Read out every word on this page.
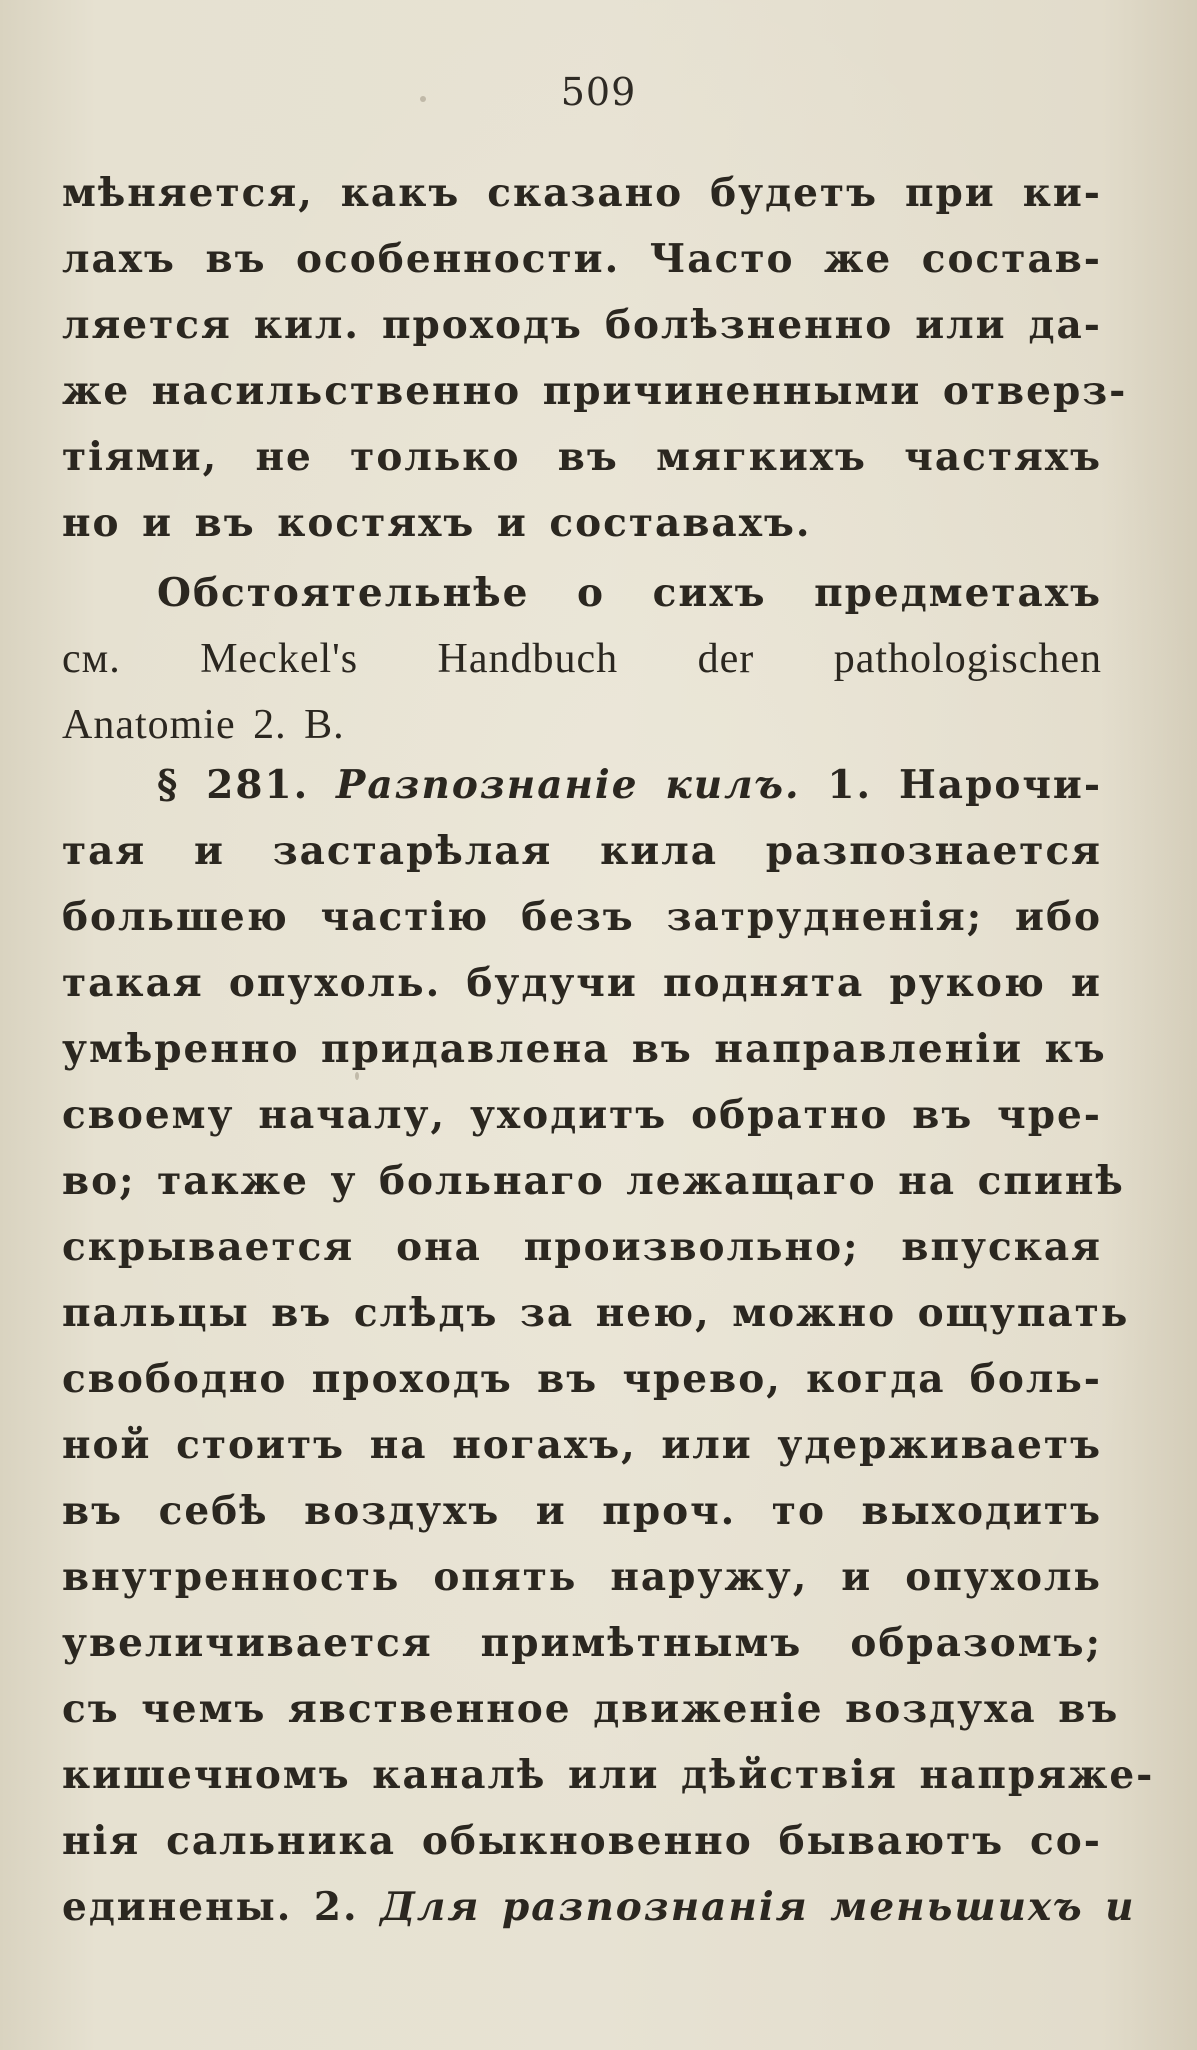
509
мѣняется, какъ сказано будетъ при ки-
лахъ въ особенности. Часто же состав-
ляется кил. проходъ болѣзненно или да-
же насильственно причиненными отверз-
тіями, не только въ мягкихъ частяхъ
но и въ костяхъ и составахъ.
Обстоятельнѣе о сихъ предметахъ
см. Meckel's Handbuch der pathologischen
Anatomie 2. B.
§ 281. Разпознаніе килъ. 1. Нарочи-
тая и застарѣлая кила разпознается
большею частію безъ затрудненія; ибо
такая опухоль. будучи поднята рукою и
умѣренно придавлена въ направленіи къ
своему началу, уходитъ обратно въ чре-
во; также у больнаго лежащаго на спинѣ
скрывается она произвольно; впуская
пальцы въ слѣдъ за нею, можно ощупать
свободно проходъ въ чрево, когда боль-
ной стоитъ на ногахъ, или удерживаетъ
въ себѣ воздухъ и проч. то выходитъ
внутренность опять наружу, и опухоль
увеличивается примѣтнымъ образомъ;
съ чемъ явственное движеніе воздуха въ
кишечномъ каналѣ или дѣйствія напряже-
нія сальника обыкновенно бываютъ со-
единены. 2. Для разпознанія меньшихъ и
